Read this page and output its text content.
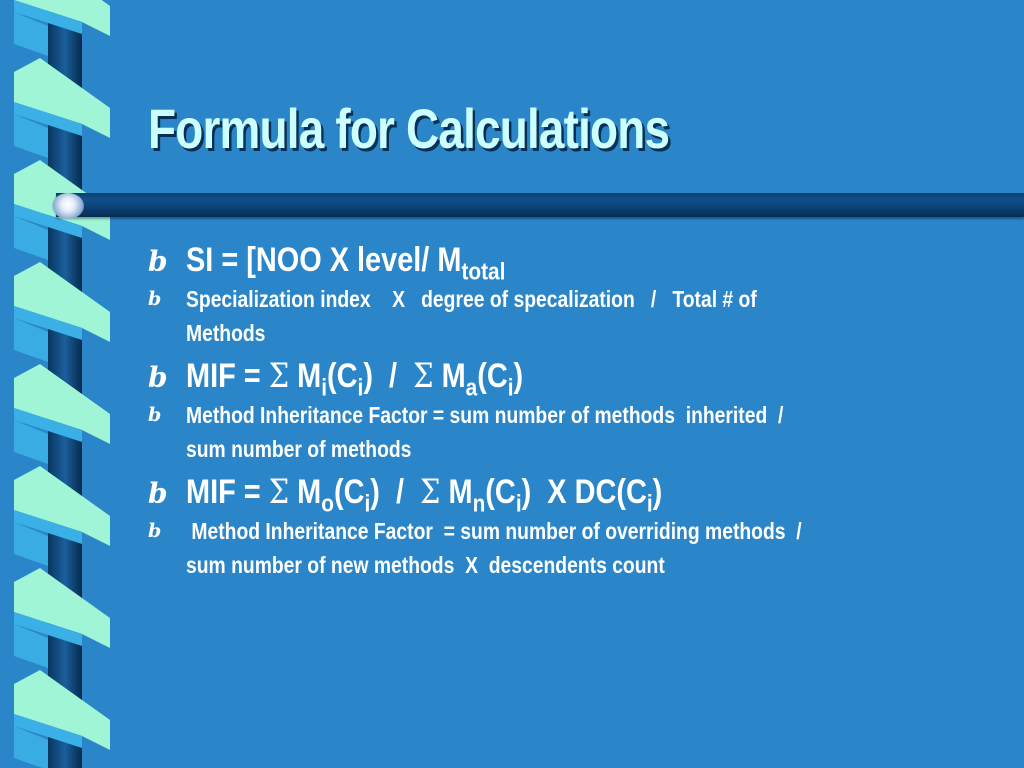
Formula for Calculations
b SI = [NOO X level/ $M_{total}$
b Specialization index    X   degree of specalization   /   Total # of
Methods
b MIF = Σ $M_i(C_i)$  /  Σ $M_a(C_i)$
b Method Inheritance Factor = sum number of methods  inherited  /
sum number of methods
b MIF = Σ $M_o(C_i)$  /  Σ $M_n(C_i)$  X $DC(C_i)$
b Method Inheritance Factor  = sum number of overriding methods  /
sum number of new methods  X  descendents count
